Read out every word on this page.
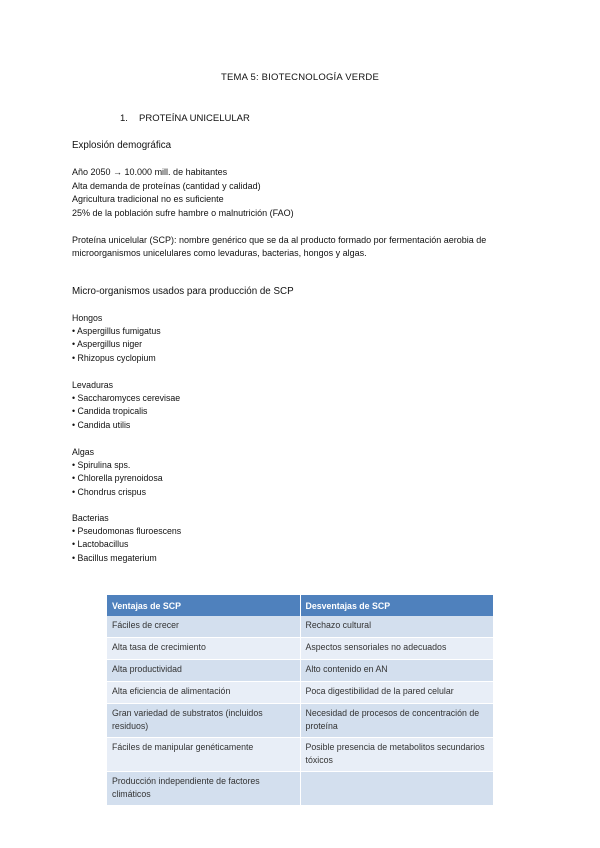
TEMA 5: BIOTECNOLOGÍA VERDE
1. PROTEÍNA UNICELULAR
Explosión demográfica
Año 2050 → 10.000 mill. de habitantes
Alta demanda de proteínas (cantidad y calidad)
Agricultura tradicional no es suficiente
25% de la población sufre hambre o malnutrición (FAO)
Proteína unicelular (SCP): nombre genérico que se da al producto formado por fermentación aerobia de microorganismos unicelulares como levaduras, bacterias, hongos y algas.
Micro-organismos usados para producción de SCP
Hongos
• Aspergillus fumigatus
• Aspergillus niger
• Rhizopus cyclopium
Levaduras
• Saccharomyces cerevisae
• Candida tropicalis
• Candida utilis
Algas
• Spirulina sps.
• Chlorella pyrenoidosa
• Chondrus crispus
Bacterias
• Pseudomonas fluroescens
• Lactobacillus
• Bacillus megaterium
Ventajas de SCP	Desventajas de SCP
Fáciles de crecer	Rechazo cultural
Alta tasa de crecimiento	Aspectos sensoriales no adecuados
Alta productividad	Alto contenido en AN
Alta eficiencia de alimentación	Poca digestibilidad de la pared celular
Gran variedad de substratos (incluidos residuos)	Necesidad de procesos de concentración de proteína
Fáciles de manipular genéticamente	Posible presencia de metabolitos secundarios tóxicos
Producción independiente de factores climáticos	
